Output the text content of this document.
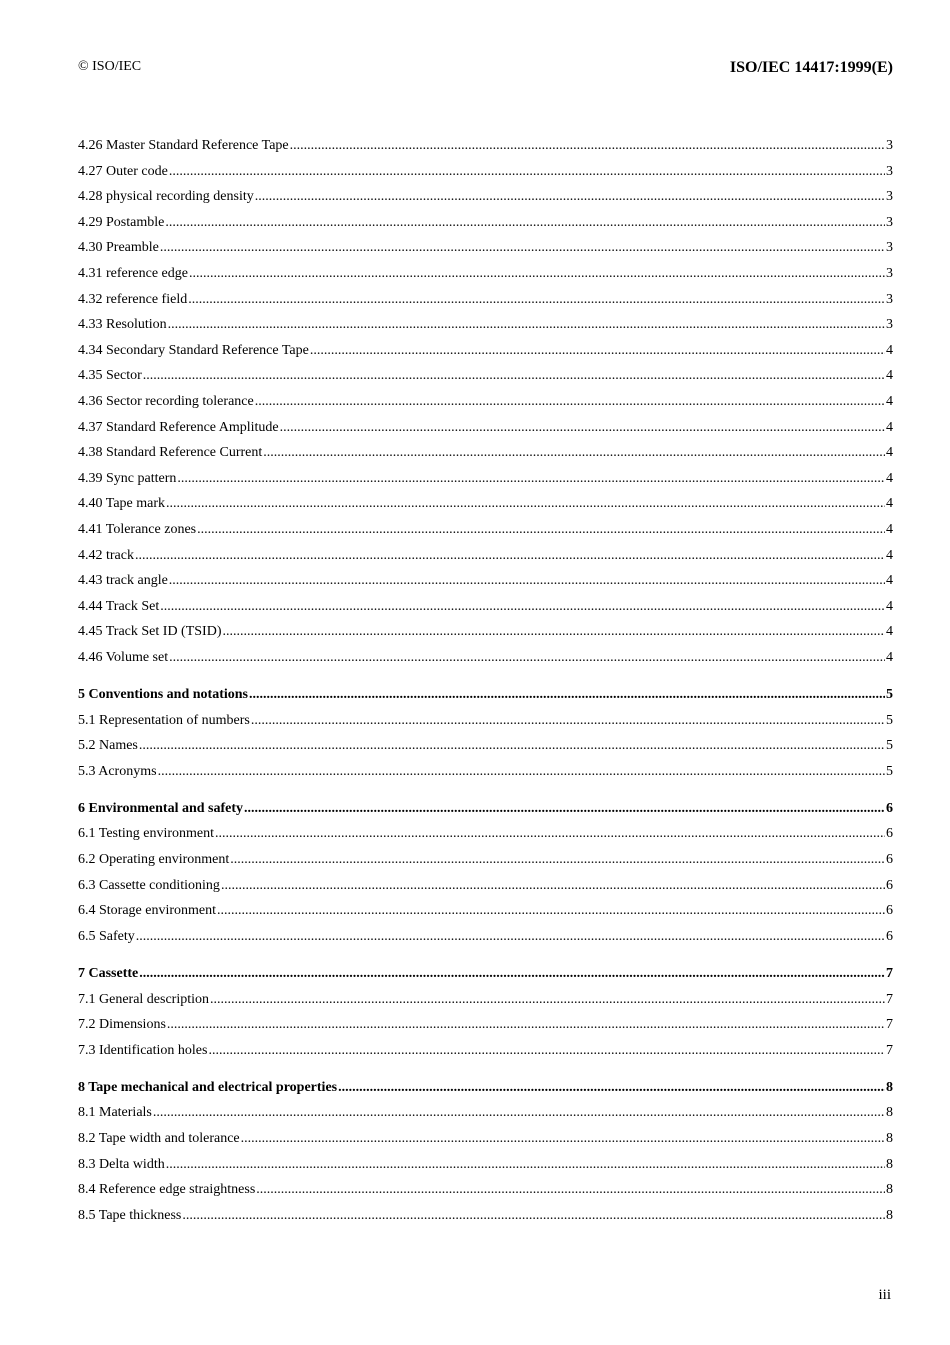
© ISO/IEC	ISO/IEC 14417:1999(E)
4.26 Master Standard Reference Tape .....	3
4.27 Outer code .....	3
4.28 physical recording density .....	3
4.29 Postamble .....	3
4.30 Preamble .....	3
4.31 reference edge .....	3
4.32 reference field .....	3
4.33 Resolution .....	3
4.34 Secondary Standard Reference Tape .....	4
4.35 Sector .....	4
4.36 Sector recording tolerance .....	4
4.37 Standard Reference Amplitude .....	4
4.38 Standard Reference Current .....	4
4.39 Sync pattern .....	4
4.40 Tape mark .....	4
4.41 Tolerance zones .....	4
4.42 track .....	4
4.43 track angle .....	4
4.44 Track Set .....	4
4.45 Track Set ID (TSID) .....	4
4.46 Volume set .....	4
5 Conventions and notations .....	5
5.1 Representation of numbers .....	5
5.2 Names .....	5
5.3 Acronyms .....	5
6 Environmental and safety .....	6
6.1 Testing environment .....	6
6.2 Operating environment .....	6
6.3 Cassette conditioning .....	6
6.4 Storage environment .....	6
6.5 Safety .....	6
7 Cassette .....	7
7.1 General description .....	7
7.2 Dimensions .....	7
7.3 Identification holes .....	7
8 Tape mechanical and electrical properties .....	8
8.1 Materials .....	8
8.2 Tape width and tolerance .....	8
8.3 Delta width .....	8
8.4 Reference edge straightness .....	8
8.5 Tape thickness .....	8
iii
